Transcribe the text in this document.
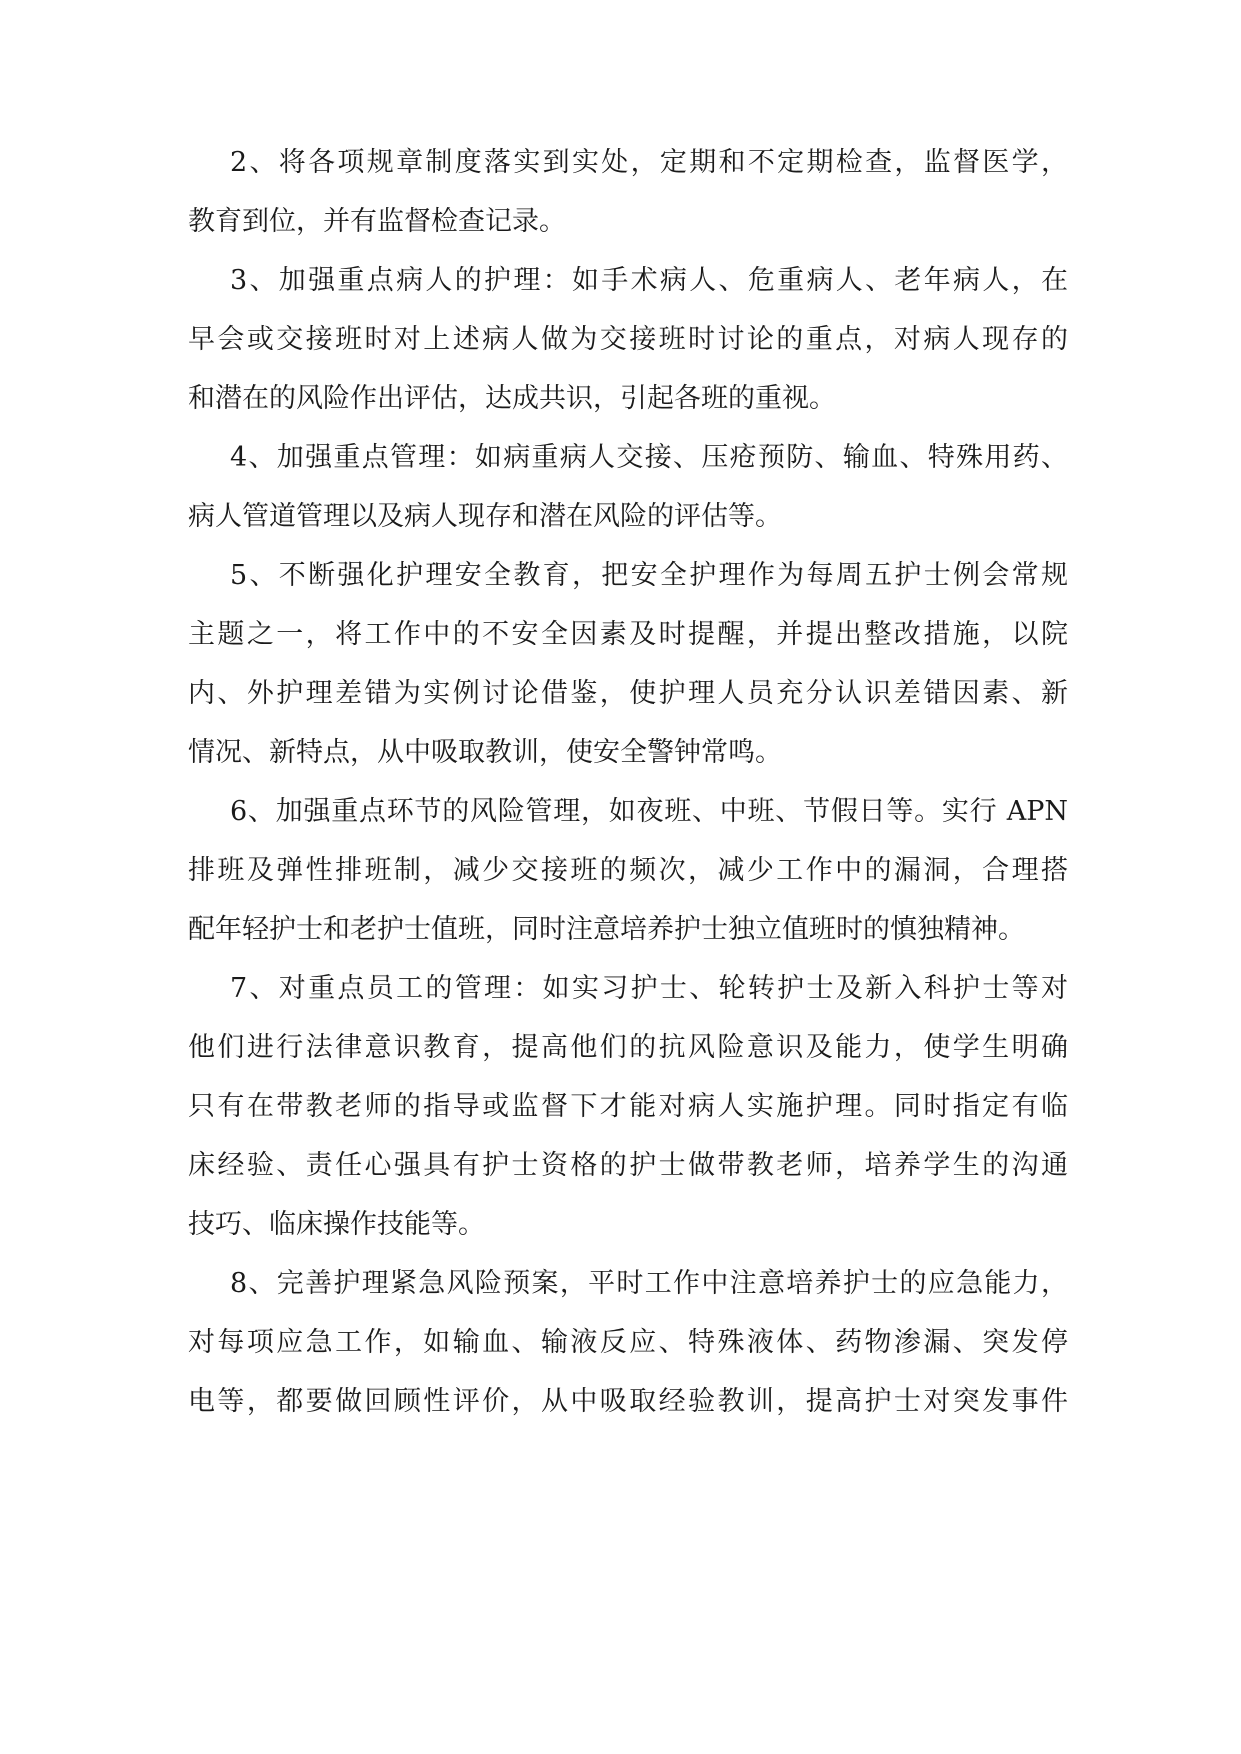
2、将各项规章制度落实到实处，定期和不定期检查，监督医学，
教育到位，并有监督检查记录。
3、加强重点病人的护理：如手术病人、危重病人、老年病人，在
早会或交接班时对上述病人做为交接班时讨论的重点，对病人现存的
和潜在的风险作出评估，达成共识，引起各班的重视。
4、加强重点管理：如病重病人交接、压疮预防、输血、特殊用药、
病人管道管理以及病人现存和潜在风险的评估等。
5、不断强化护理安全教育，把安全护理作为每周五护士例会常规
主题之一，将工作中的不安全因素及时提醒，并提出整改措施，以院
内、外护理差错为实例讨论借鉴，使护理人员充分认识差错因素、新
情况、新特点，从中吸取教训，使安全警钟常鸣。
6、加强重点环节的风险管理，如夜班、中班、节假日等。实行 APN
排班及弹性排班制，减少交接班的频次，减少工作中的漏洞，合理搭
配年轻护士和老护士值班，同时注意培养护士独立值班时的慎独精神。
7、对重点员工的管理：如实习护士、轮转护士及新入科护士等对
他们进行法律意识教育，提高他们的抗风险意识及能力，使学生明确
只有在带教老师的指导或监督下才能对病人实施护理。同时指定有临
床经验、责任心强具有护士资格的护士做带教老师，培养学生的沟通
技巧、临床操作技能等。
8、完善护理紧急风险预案，平时工作中注意培养护士的应急能力，
对每项应急工作，如输血、输液反应、特殊液体、药物渗漏、突发停
电等，都要做回顾性评价，从中吸取经验教训，提高护士对突发事件
